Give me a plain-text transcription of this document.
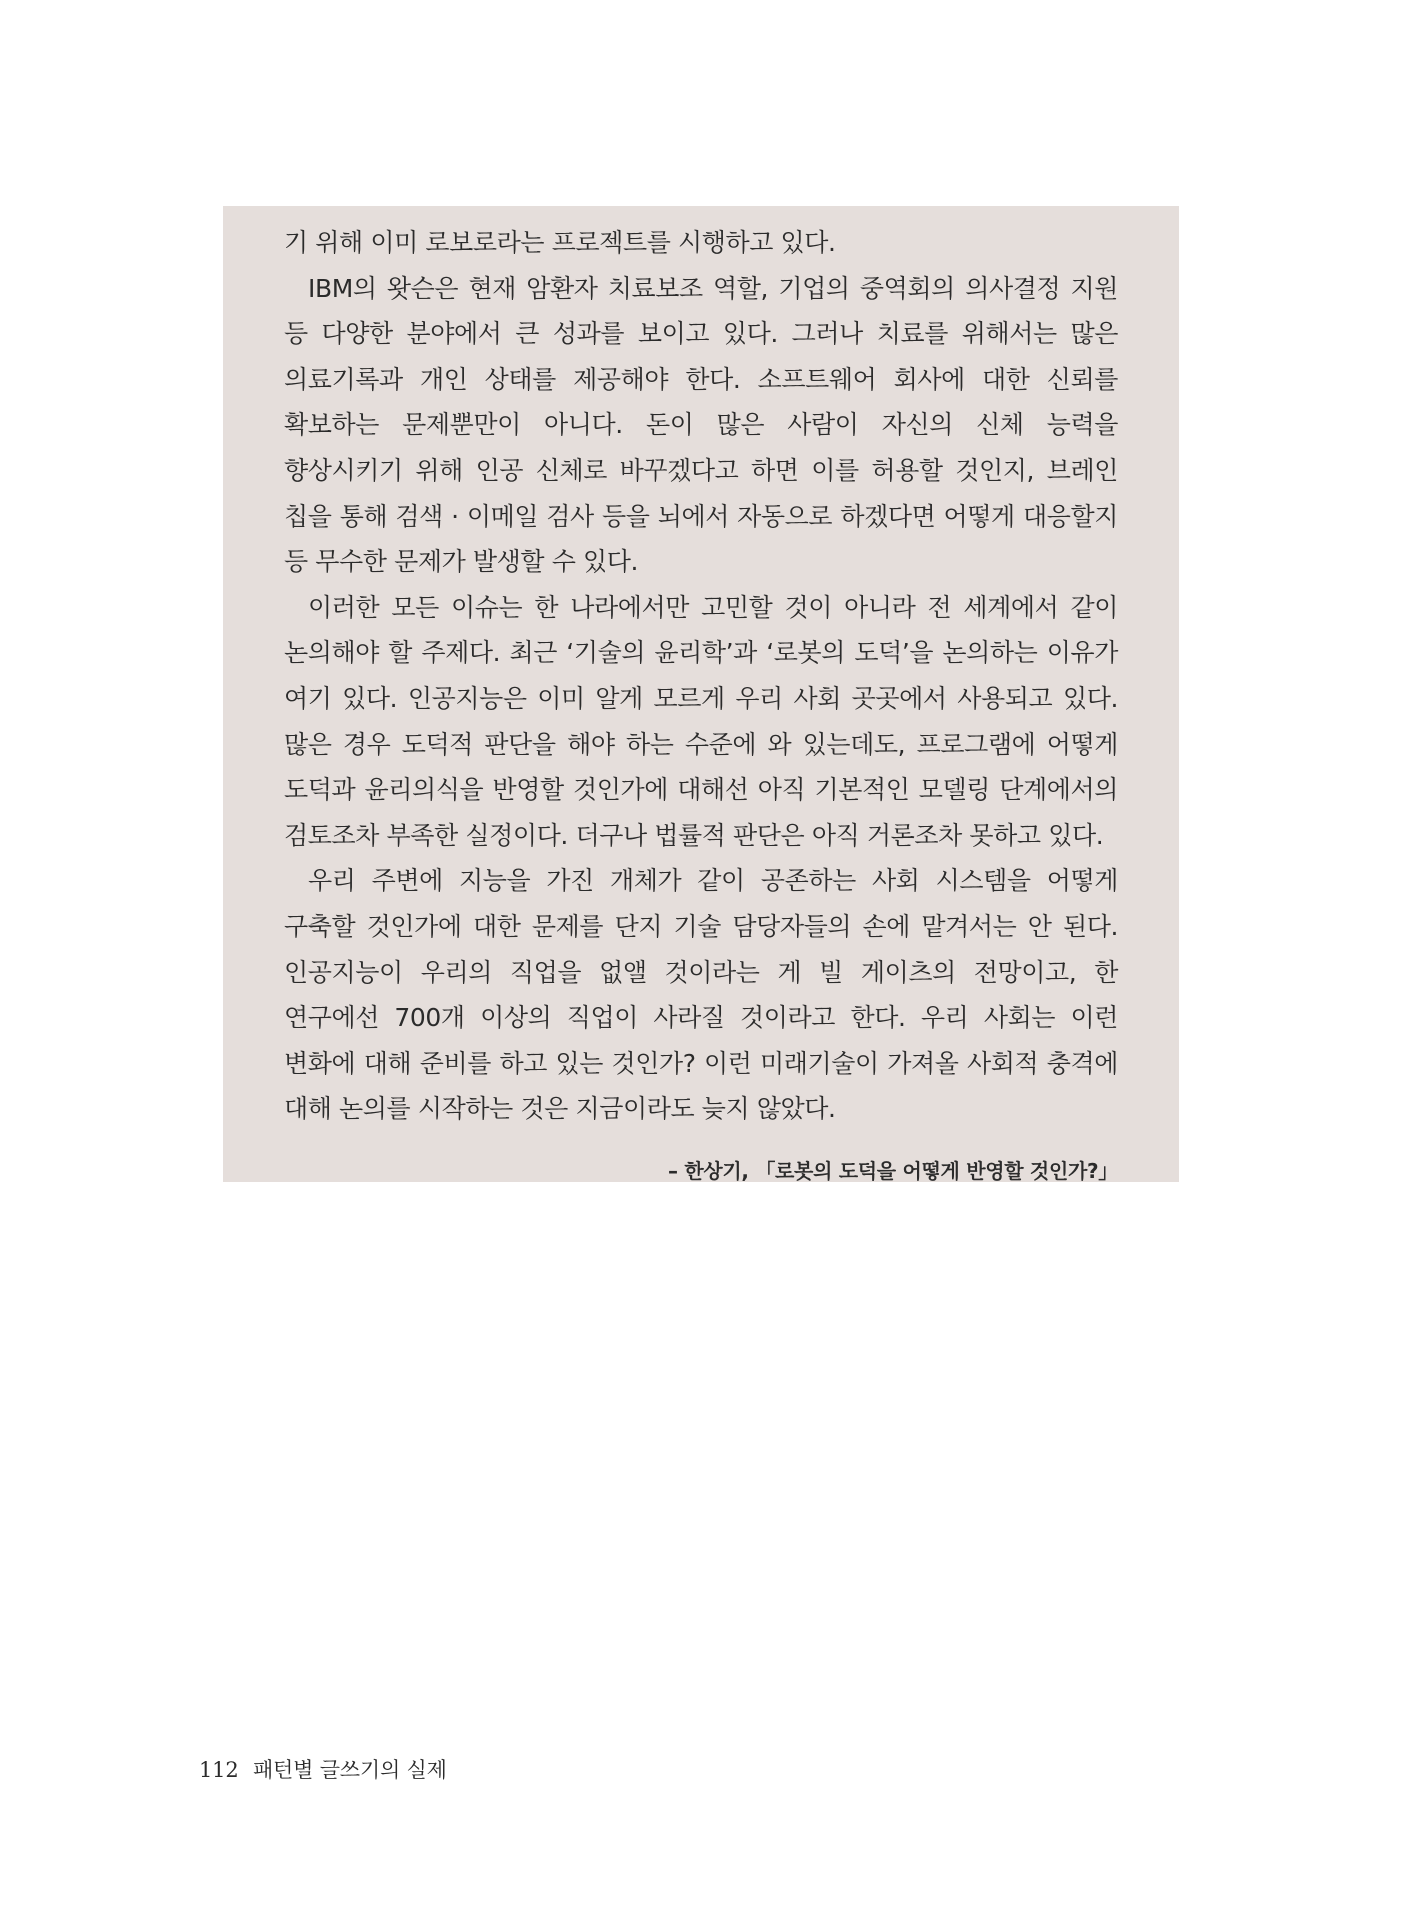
기 위해 이미 로보로라는 프로젝트를 시행하고 있다.

IBM의 왓슨은 현재 암환자 치료보조 역할, 기업의 중역회의 의사결정 지원 등 다양한 분야에서 큰 성과를 보이고 있다. 그러나 치료를 위해서는 많은 의료기록과 개인 상태를 제공해야 한다. 소프트웨어 회사에 대한 신뢰를 확보하는 문제뿐만이 아니다. 돈이 많은 사람이 자신의 신체 능력을 향상시키기 위해 인공 신체로 바꾸겠다고 하면 이를 허용할 것인지, 브레인 칩을 통해 검색 · 이메일 검사 등을 뇌에서 자동으로 하겠다면 어떻게 대응할지 등 무수한 문제가 발생할 수 있다.

이러한 모든 이슈는 한 나라에서만 고민할 것이 아니라 전 세계에서 같이 논의해야 할 주제다. 최근 ‘기술의 윤리학’과 ‘로봇의 도덕’을 논의하는 이유가 여기 있다. 인공지능은 이미 알게 모르게 우리 사회 곳곳에서 사용되고 있다. 많은 경우 도덕적 판단을 해야 하는 수준에 와 있는데도, 프로그램에 어떻게 도덕과 윤리의식을 반영할 것인가에 대해선 아직 기본적인 모델링 단계에서의 검토조차 부족한 실정이다. 더구나 법률적 판단은 아직 거론조차 못하고 있다.

우리 주변에 지능을 가진 개체가 같이 공존하는 사회 시스템을 어떻게 구축할 것인가에 대한 문제를 단지 기술 담당자들의 손에 맡겨서는 안 된다. 인공지능이 우리의 직업을 없앨 것이라는 게 빌 게이츠의 전망이고, 한 연구에선 700개 이상의 직업이 사라질 것이라고 한다. 우리 사회는 이런 변화에 대해 준비를 하고 있는 것인가? 이런 미래기술이 가져올 사회적 충격에 대해 논의를 시작하는 것은 지금이라도 늦지 않았다.

– 한상기, 「로봇의 도덕을 어떻게 반영할 것인가?」

112 패턴별 글쓰기의 실제
